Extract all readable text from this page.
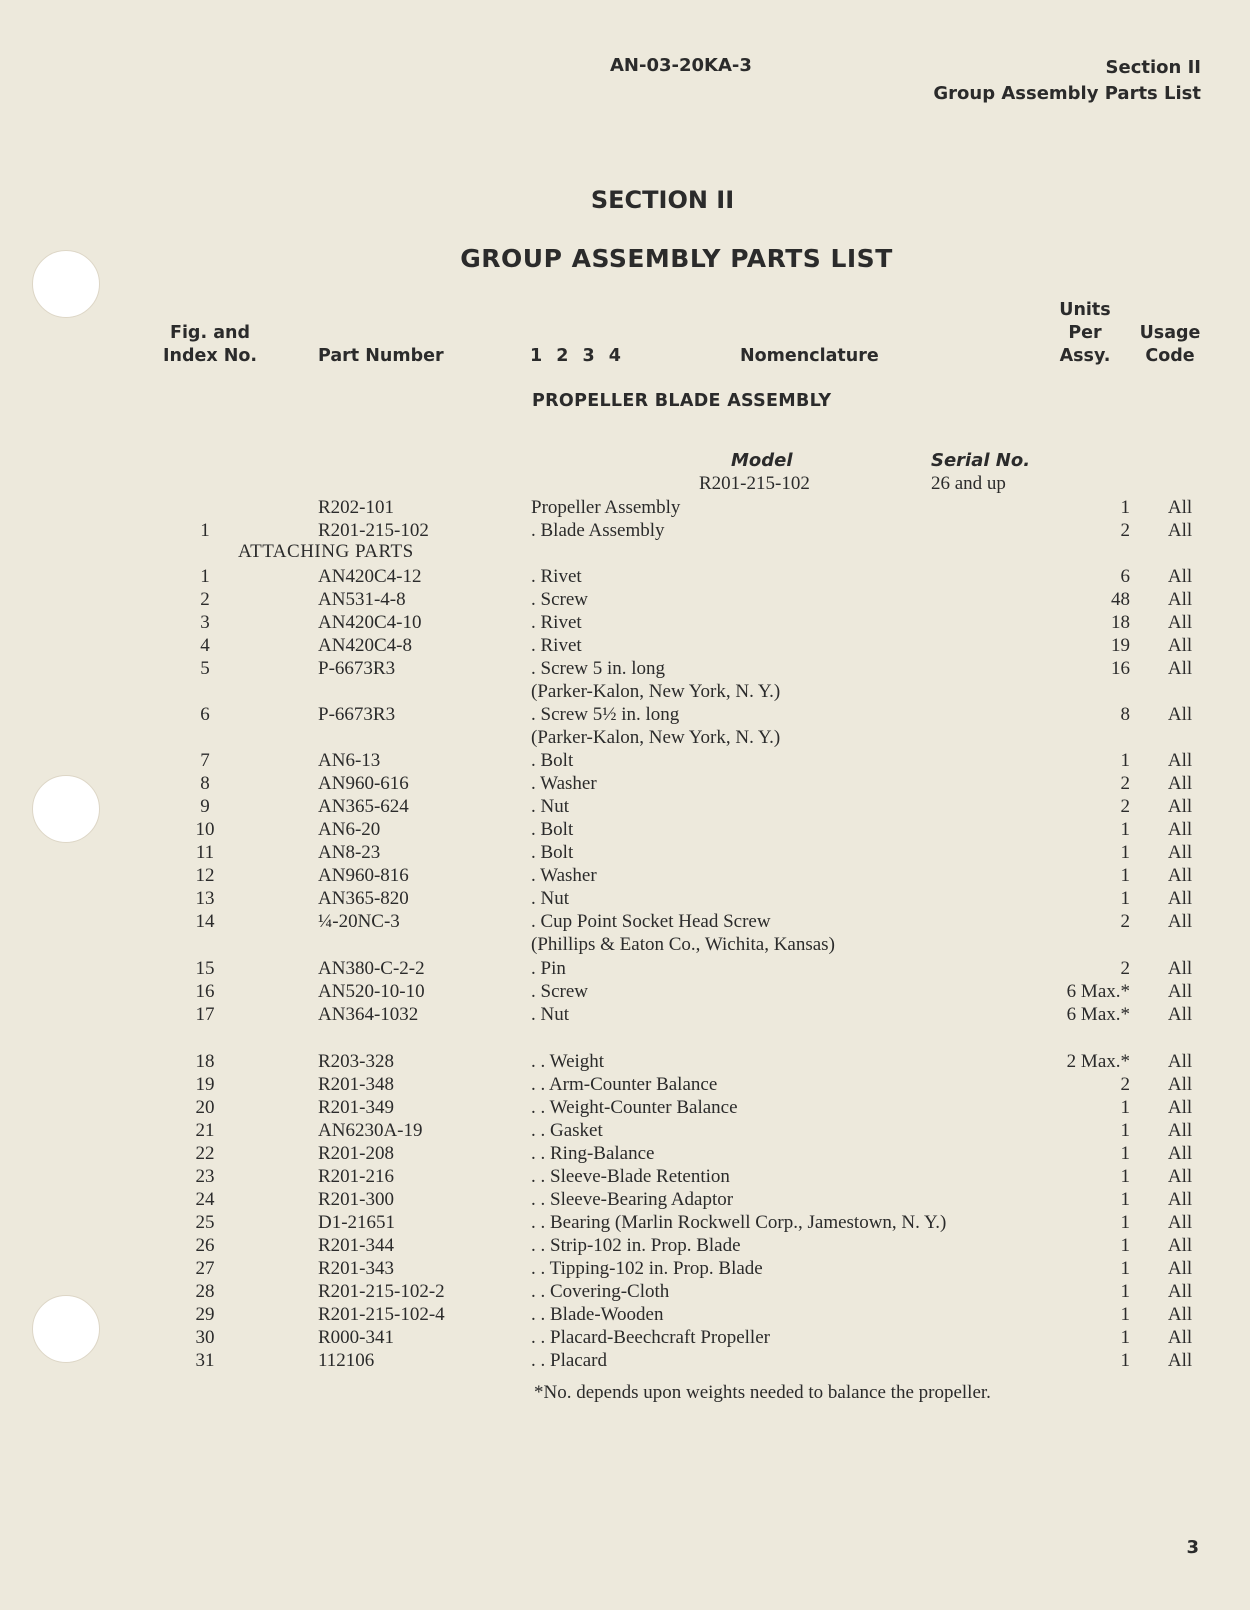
AN-03-20KA-3	Section II
Group Assembly Parts List
SECTION II
GROUP ASSEMBLY PARTS LIST
Fig. and
Index No.	Part Number	1 2 3 4	Nomenclature
Units
Per
Assy.
Usage
Code
PROPELLER BLADE ASSEMBLY
Model	Serial No.
R201-215-102	26 and up
ATTACHING PARTS
R202-101	Propeller Assembly	1	All
1	R201-215-102	. Blade Assembly	2	All
1	AN420C4-12	. Rivet	6	All
2	AN531-4-8	. Screw	48	All
3	AN420C4-10	. Rivet	18	All
4	AN420C4-8	. Rivet	19	All
5	P-6673R3	. Screw 5 in. long	16	All
(Parker-Kalon, New York, N. Y.)
6	P-6673R3	. Screw 5½ in. long	8	All
(Parker-Kalon, New York, N. Y.)
7	AN6-13	. Bolt	1	All
8	AN960-616	. Washer	2	All
9	AN365-624	. Nut	2	All
10	AN6-20	. Bolt	1	All
11	AN8-23	. Bolt	1	All
12	AN960-816	. Washer	1	All
13	AN365-820	. Nut	1	All
14	¼-20NC-3	. Cup Point Socket Head Screw	2	All
(Phillips & Eaton Co., Wichita, Kansas)
15	AN380-C-2-2	. Pin	2	All
16	AN520-10-10	. Screw	6 Max.*	All
17	AN364-1032	. Nut	6 Max.*	All
18	R203-328	. . Weight	2 Max.*	All
19	R201-348	. . Arm-Counter Balance	2	All
20	R201-349	. . Weight-Counter Balance	1	All
21	AN6230A-19	. . Gasket	1	All
22	R201-208	. . Ring-Balance	1	All
23	R201-216	. . Sleeve-Blade Retention	1	All
24	R201-300	. . Sleeve-Bearing Adaptor	1	All
25	D1-21651	. . Bearing (Marlin Rockwell Corp., Jamestown, N. Y.)	1	All
26	R201-344	. . Strip-102 in. Prop. Blade	1	All
27	R201-343	. . Tipping-102 in. Prop. Blade	1	All
28	R201-215-102-2	. . Covering-Cloth	1	All
29	R201-215-102-4	. . Blade-Wooden	1	All
30	R000-341	. . Placard-Beechcraft Propeller	1	All
31	112106	. . Placard	1	All
*No. depends upon weights needed to balance the propeller.
3
